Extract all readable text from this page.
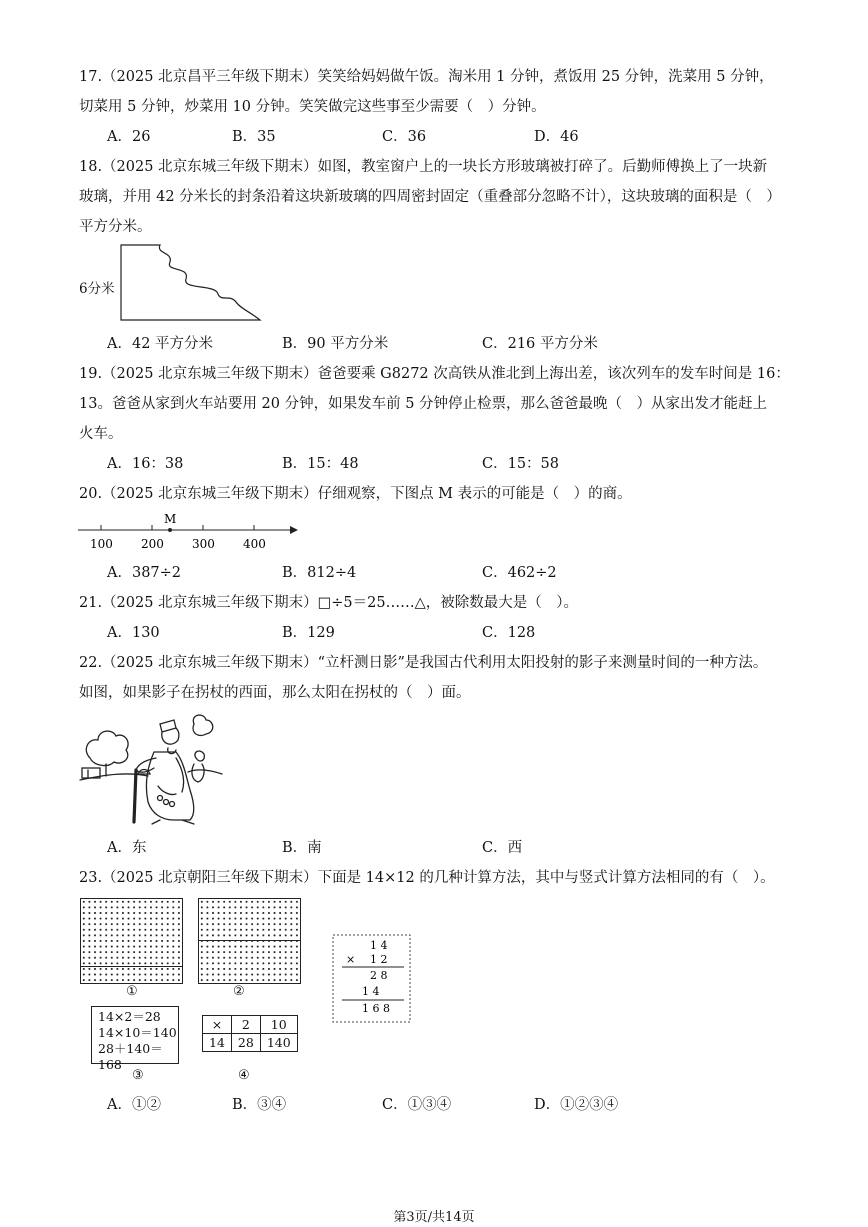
17.（2025 北京昌平三年级下期末）笑笑给妈妈做午饭。淘米用 1 分钟，煮饭用 25 分钟，洗菜用 5 分钟，
切菜用 5 分钟，炒菜用 10 分钟。笑笑做完这些事至少需要（　）分钟。
A．26	B．35	C．36	D．46
18.（2025 北京东城三年级下期末）如图，教室窗户上的一块长方形玻璃被打碎了。后勤师傅换上了一块新
玻璃，并用 42 分米长的封条沿着这块新玻璃的四周密封固定（重叠部分忽略不计），这块玻璃的面积是（　）
平方分米。
6分米
A．42 平方分米	B．90 平方分米	C．216 平方分米
19.（2025 北京东城三年级下期末）爸爸要乘 G8272 次高铁从淮北到上海出差，该次列车的发车时间是 16：
13。爸爸从家到火车站要用 20 分钟，如果发车前 5 分钟停止检票，那么爸爸最晚（　）从家出发才能赶上
火车。
A．16：38	B．15：48	C．15：58
20.（2025 北京东城三年级下期末）仔细观察，下图点 M 表示的可能是（　）的商。
M
100 200 300 400
A．387÷2	B．812÷4	C．462÷2
21.（2025 北京东城三年级下期末）□÷5＝25……△，被除数最大是（　）。
A．130	B．129	C．128
22.（2025 北京东城三年级下期末）“立杆测日影”是我国古代利用太阳投射的影子来测量时间的一种方法。
如图，如果影子在拐杖的西面，那么太阳在拐杖的（　）面。
A．东	B．南	C．西
23.（2025 北京朝阳三年级下期末）下面是 14×12 的几种计算方法，其中与竖式计算方法相同的有（　）。
①	②
1 4
× 1 2
2 8
1 4
1 6 8
14×2＝28
14×10＝140
28＋140＝168
③
×	2	10
14	28	140
④
A．①②	B．③④	C．①③④	D．①②③④
第3页/共14页
